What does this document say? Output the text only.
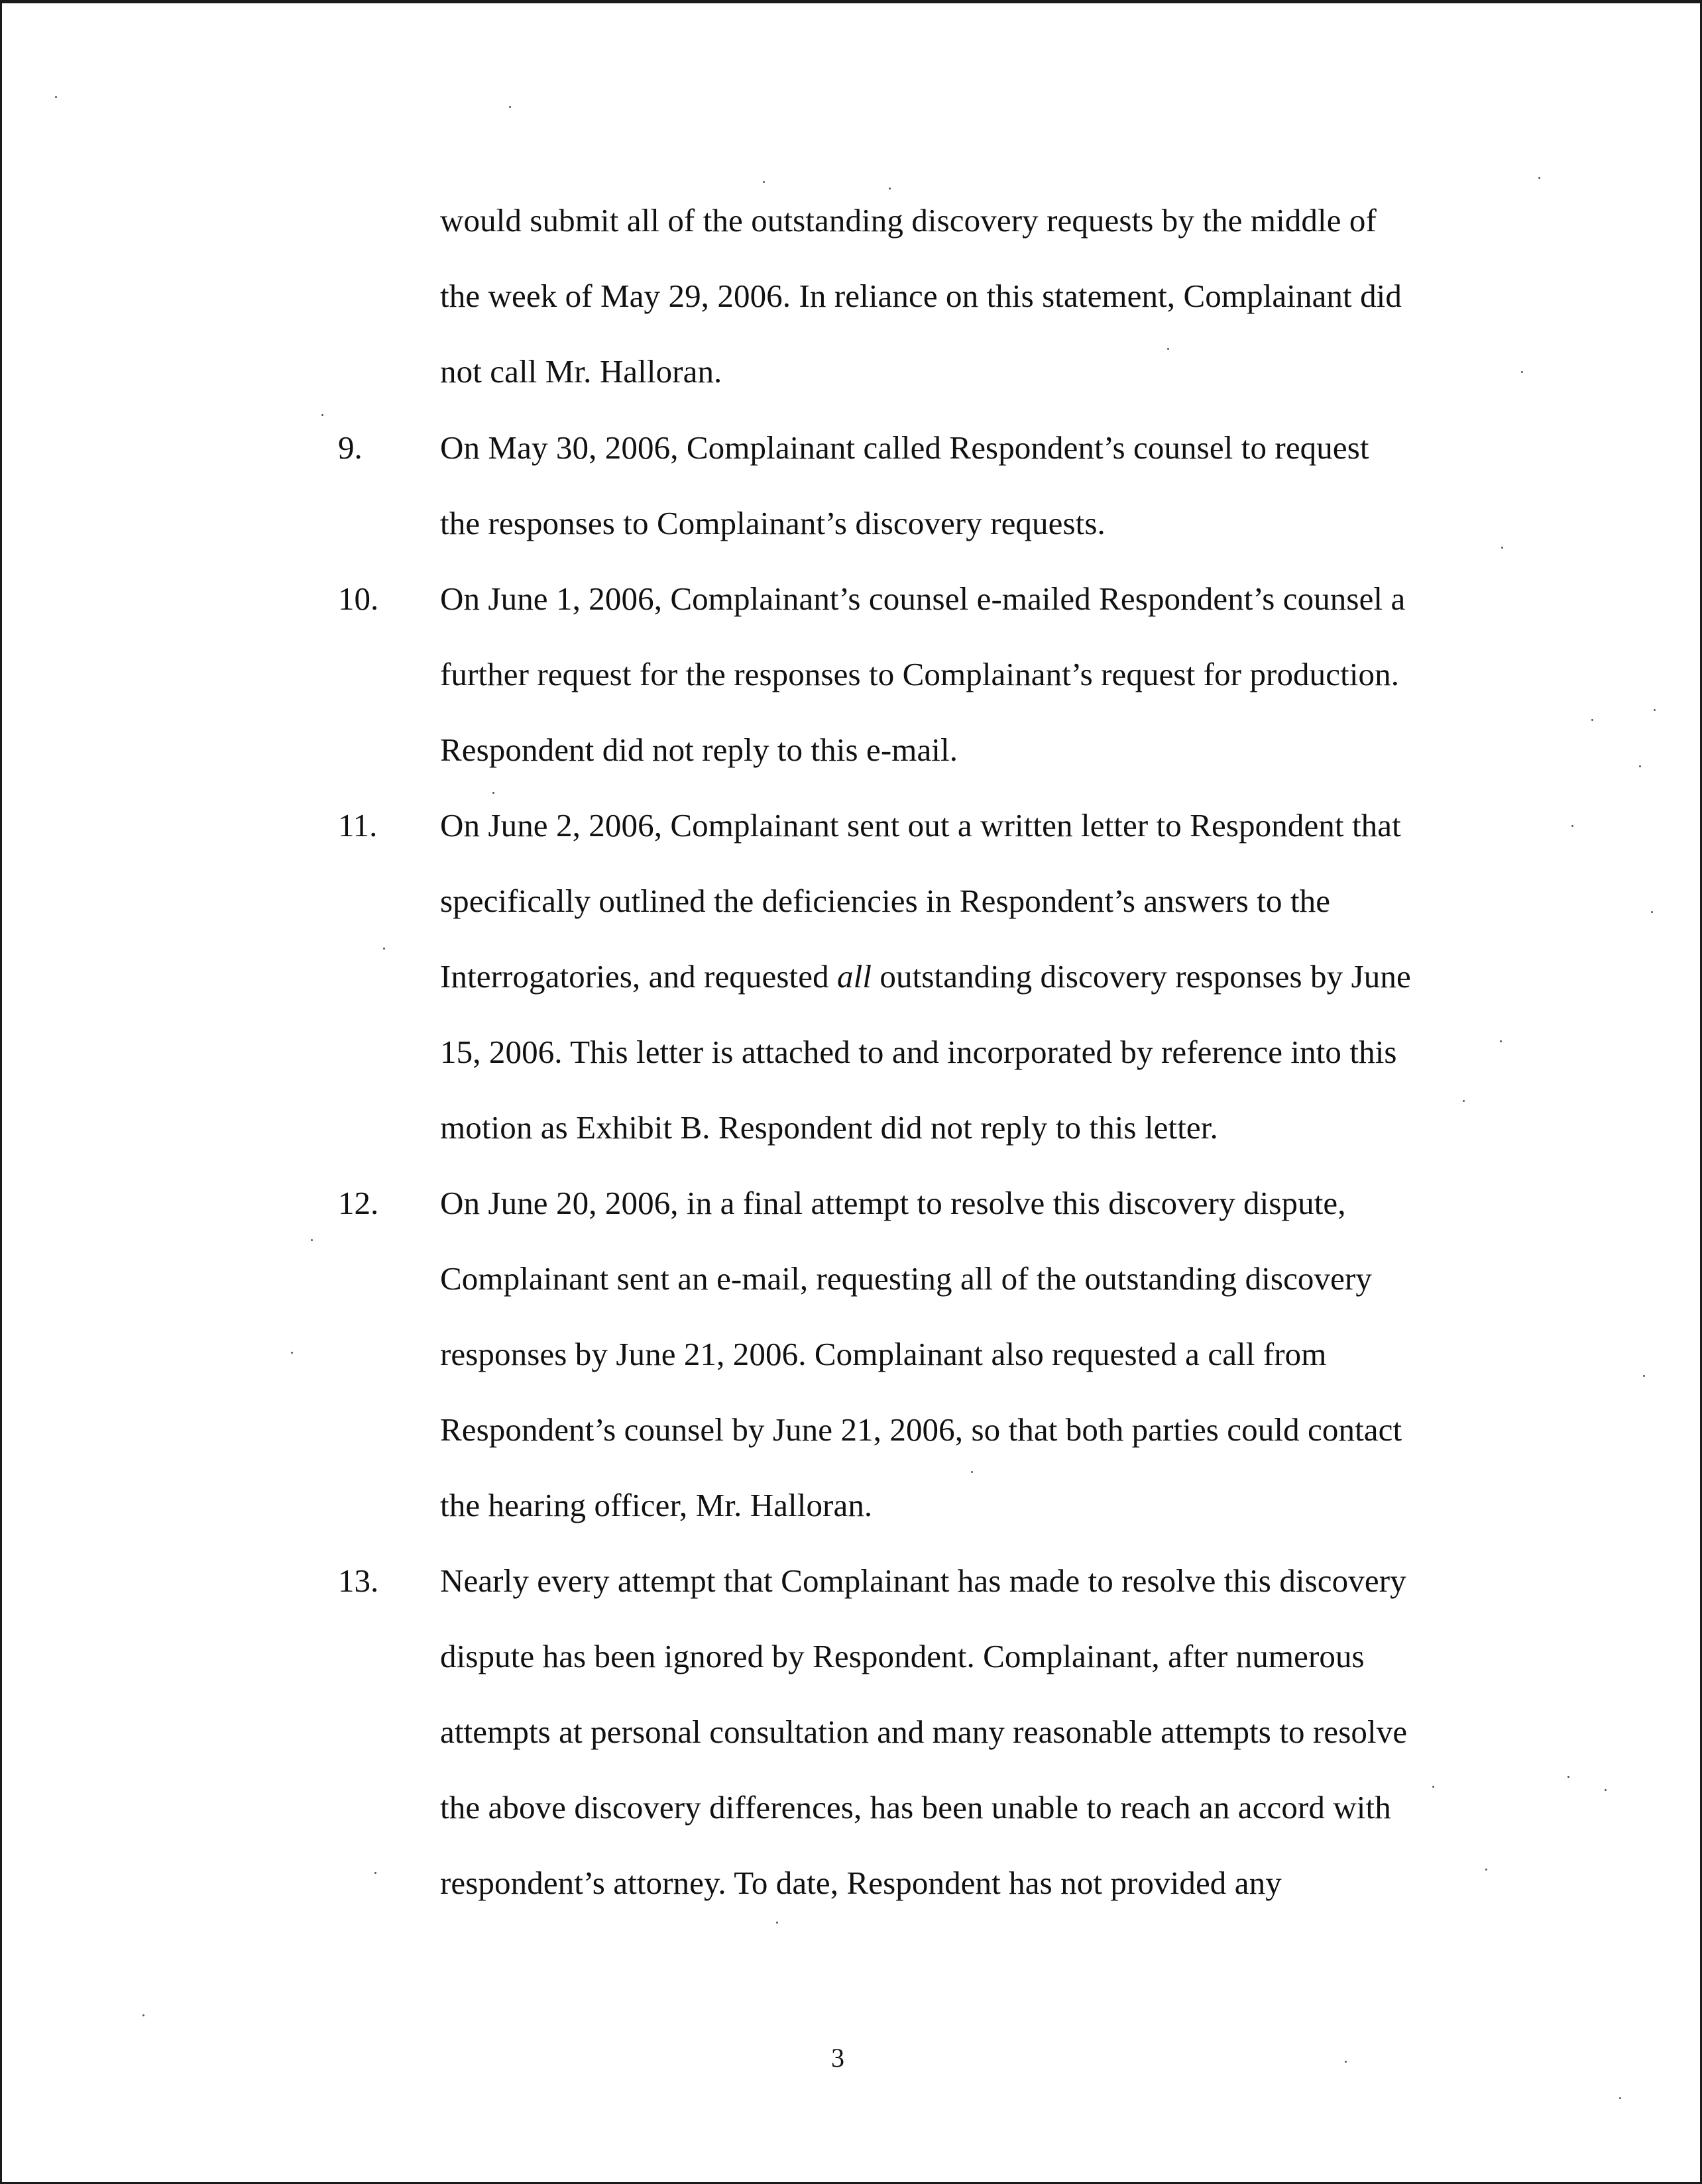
would submit all of the outstanding discovery requests by the middle of
the week of May 29, 2006. In reliance on this statement, Complainant did
not call Mr. Halloran.
9. On May 30, 2006, Complainant called Respondent’s counsel to request
the responses to Complainant’s discovery requests.
10. On June 1, 2006, Complainant’s counsel e-mailed Respondent’s counsel a
further request for the responses to Complainant’s request for production.
Respondent did not reply to this e-mail.
11. On June 2, 2006, Complainant sent out a written letter to Respondent that
specifically outlined the deficiencies in Respondent’s answers to the
Interrogatories, and requested all outstanding discovery responses by June
15, 2006. This letter is attached to and incorporated by reference into this
motion as Exhibit B. Respondent did not reply to this letter.
12. On June 20, 2006, in a final attempt to resolve this discovery dispute,
Complainant sent an e-mail, requesting all of the outstanding discovery
responses by June 21, 2006. Complainant also requested a call from
Respondent’s counsel by June 21, 2006, so that both parties could contact
the hearing officer, Mr. Halloran.
13. Nearly every attempt that Complainant has made to resolve this discovery
dispute has been ignored by Respondent. Complainant, after numerous
attempts at personal consultation and many reasonable attempts to resolve
the above discovery differences, has been unable to reach an accord with
respondent’s attorney. To date, Respondent has not provided any
3
